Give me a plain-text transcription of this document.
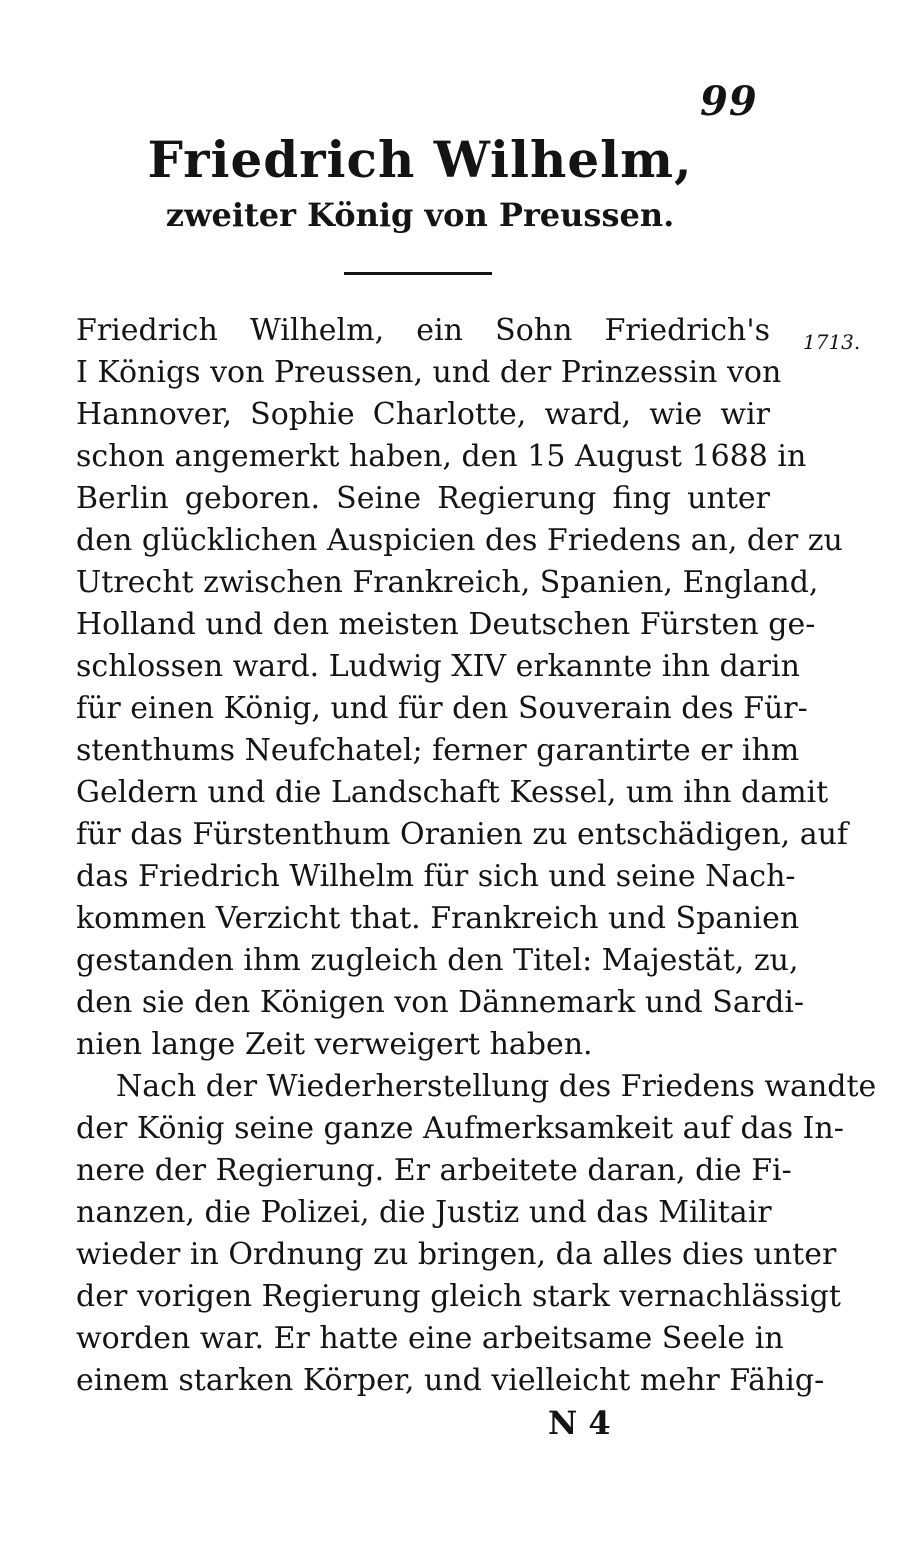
99
Friedrich Wilhelm,
zweiter König von Preussen.
1713.
Friedrich Wilhelm, ein Sohn Friedrich's
I Königs von Preussen, und der Prinzessin von
Hannover, Sophie Charlotte, ward, wie wir
schon angemerkt haben, den 15 August 1688 in
Berlin geboren. Seine Regierung fing unter
den glücklichen Auspicien des Friedens an, der zu
Utrecht zwischen Frankreich, Spanien, England,
Holland und den meisten Deutschen Fürsten ge-
schlossen ward. Ludwig XIV erkannte ihn darin
für einen König, und für den Souverain des Für-
stenthums Neufchatel; ferner garantirte er ihm
Geldern und die Landschaft Kessel, um ihn damit
für das Fürstenthum Oranien zu entschädigen, auf
das Friedrich Wilhelm für sich und seine Nach-
kommen Verzicht that. Frankreich und Spanien
gestanden ihm zugleich den Titel: Majestät, zu,
den sie den Königen von Dännemark und Sardi-
nien lange Zeit verweigert haben.
Nach der Wiederherstellung des Friedens wandte
der König seine ganze Aufmerksamkeit auf das In-
nere der Regierung. Er arbeitete daran, die Fi-
nanzen, die Polizei, die Justiz und das Militair
wieder in Ordnung zu bringen, da alles dies unter
der vorigen Regierung gleich stark vernachlässigt
worden war. Er hatte eine arbeitsame Seele in
einem starken Körper, und vielleicht mehr Fähig-
N 4
